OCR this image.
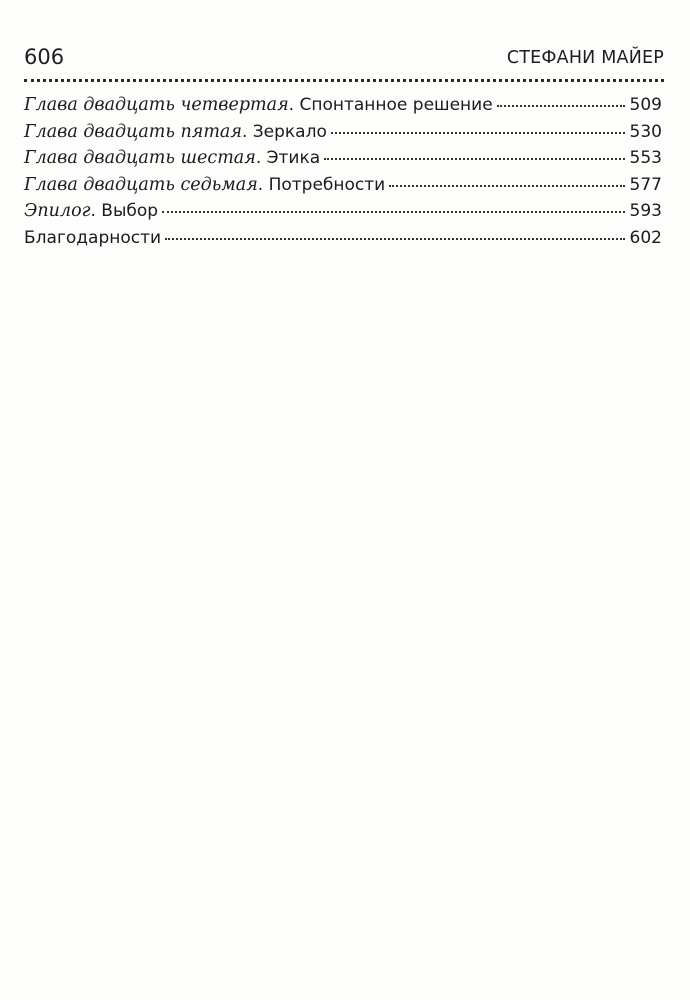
606	СТЕФАНИ МАЙЕР
Глава двадцать четвертая. Спонтанное решение	509
Глава двадцать пятая. Зеркало	530
Глава двадцать шестая. Этика	553
Глава двадцать седьмая. Потребности	577
Эпилог. Выбор	593
Благодарности	602
